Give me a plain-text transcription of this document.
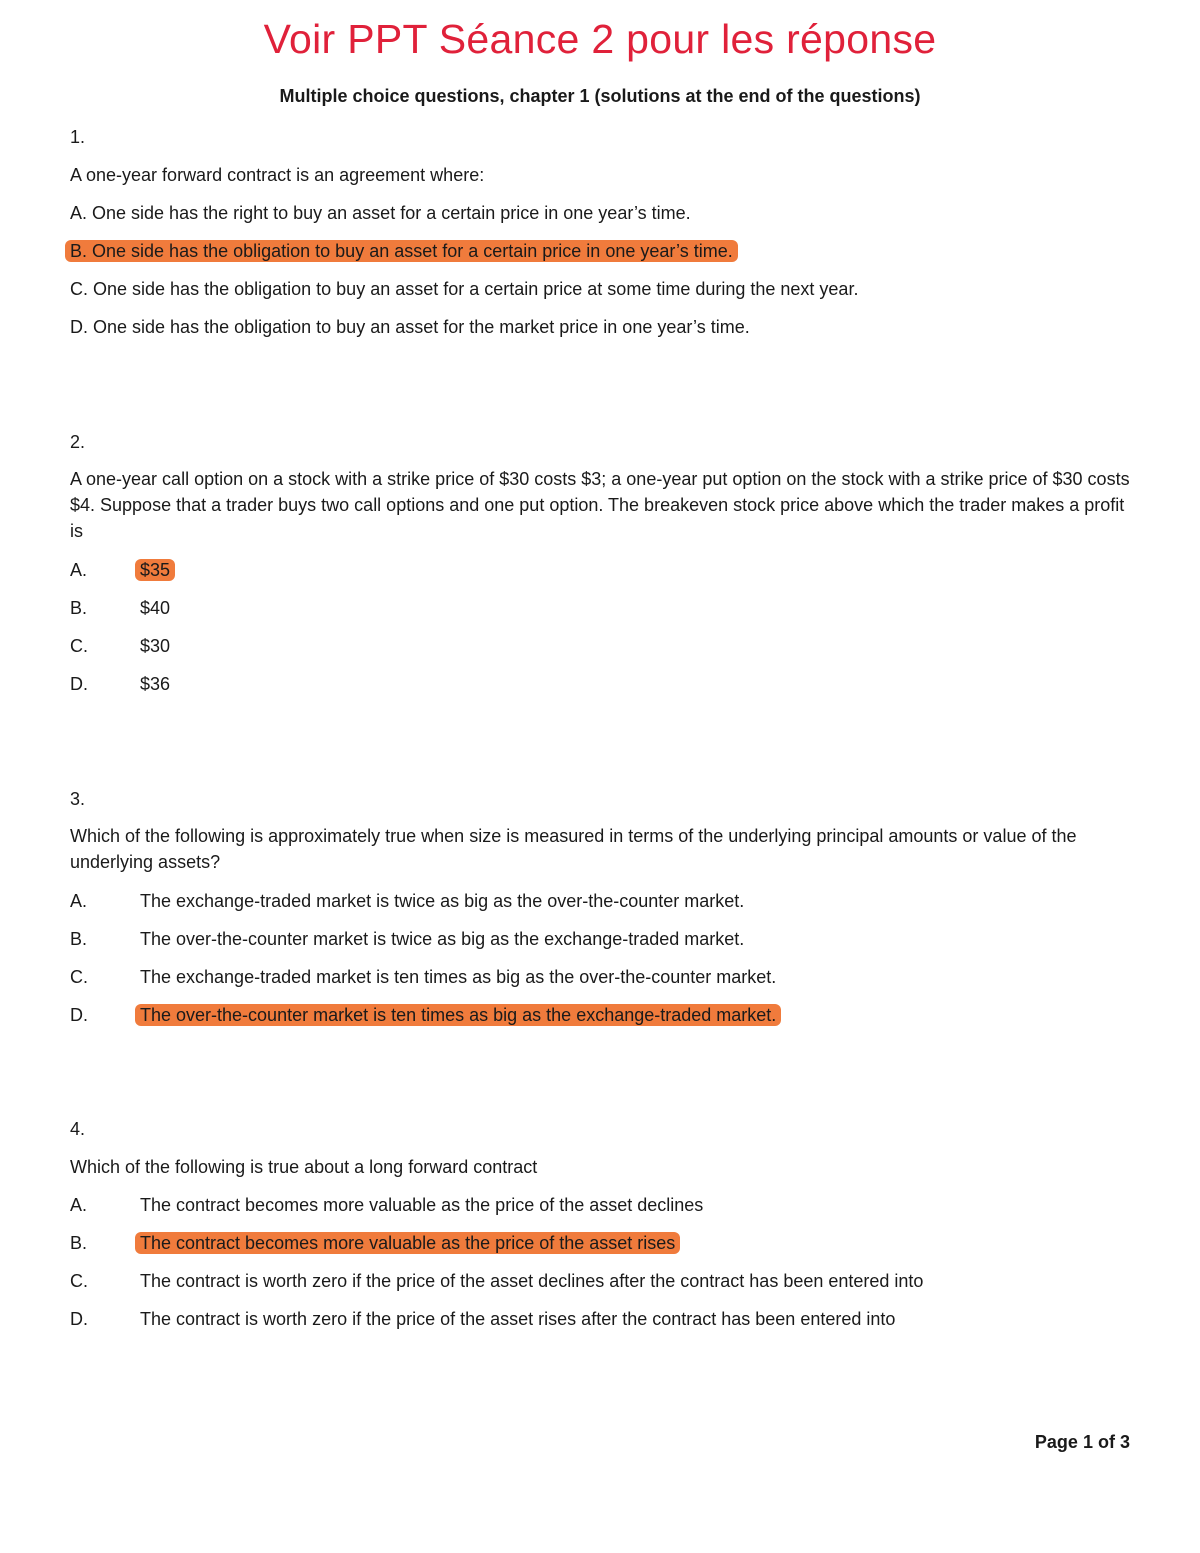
Voir PPT Séance 2 pour les réponse
Multiple choice questions, chapter 1 (solutions at the end of the questions)
1.
A one-year forward contract is an agreement where:
A. One side has the right to buy an asset for a certain price in one year’s time.
B. One side has the obligation to buy an asset for a certain price in one year’s time.
C. One side has the obligation to buy an asset for a certain price at some time during the next year.
D. One side has the obligation to buy an asset for the market price in one year’s time.
2.
A one-year call option on a stock with a strike price of $30 costs $3; a one-year put option on the stock with a strike price of $30 costs $4. Suppose that a trader buys two call options and one put option. The breakeven stock price above which the trader makes a profit is
A.	$35
B.	$40
C.	$30
D.	$36
3.
Which of the following is approximately true when size is measured in terms of the underlying principal amounts or value of the underlying assets?
A.	The exchange-traded market is twice as big as the over-the-counter market.
B.	The over-the-counter market is twice as big as the exchange-traded market.
C.	The exchange-traded market is ten times as big as the over-the-counter market.
D.	The over-the-counter market is ten times as big as the exchange-traded market.
4.
Which of the following is true about a long forward contract
A.	The contract becomes more valuable as the price of the asset declines
B.	The contract becomes more valuable as the price of the asset rises
C.	The contract is worth zero if the price of the asset declines after the contract has been entered into
D.	The contract is worth zero if the price of the asset rises after the contract has been entered into
Page 1 of 3
